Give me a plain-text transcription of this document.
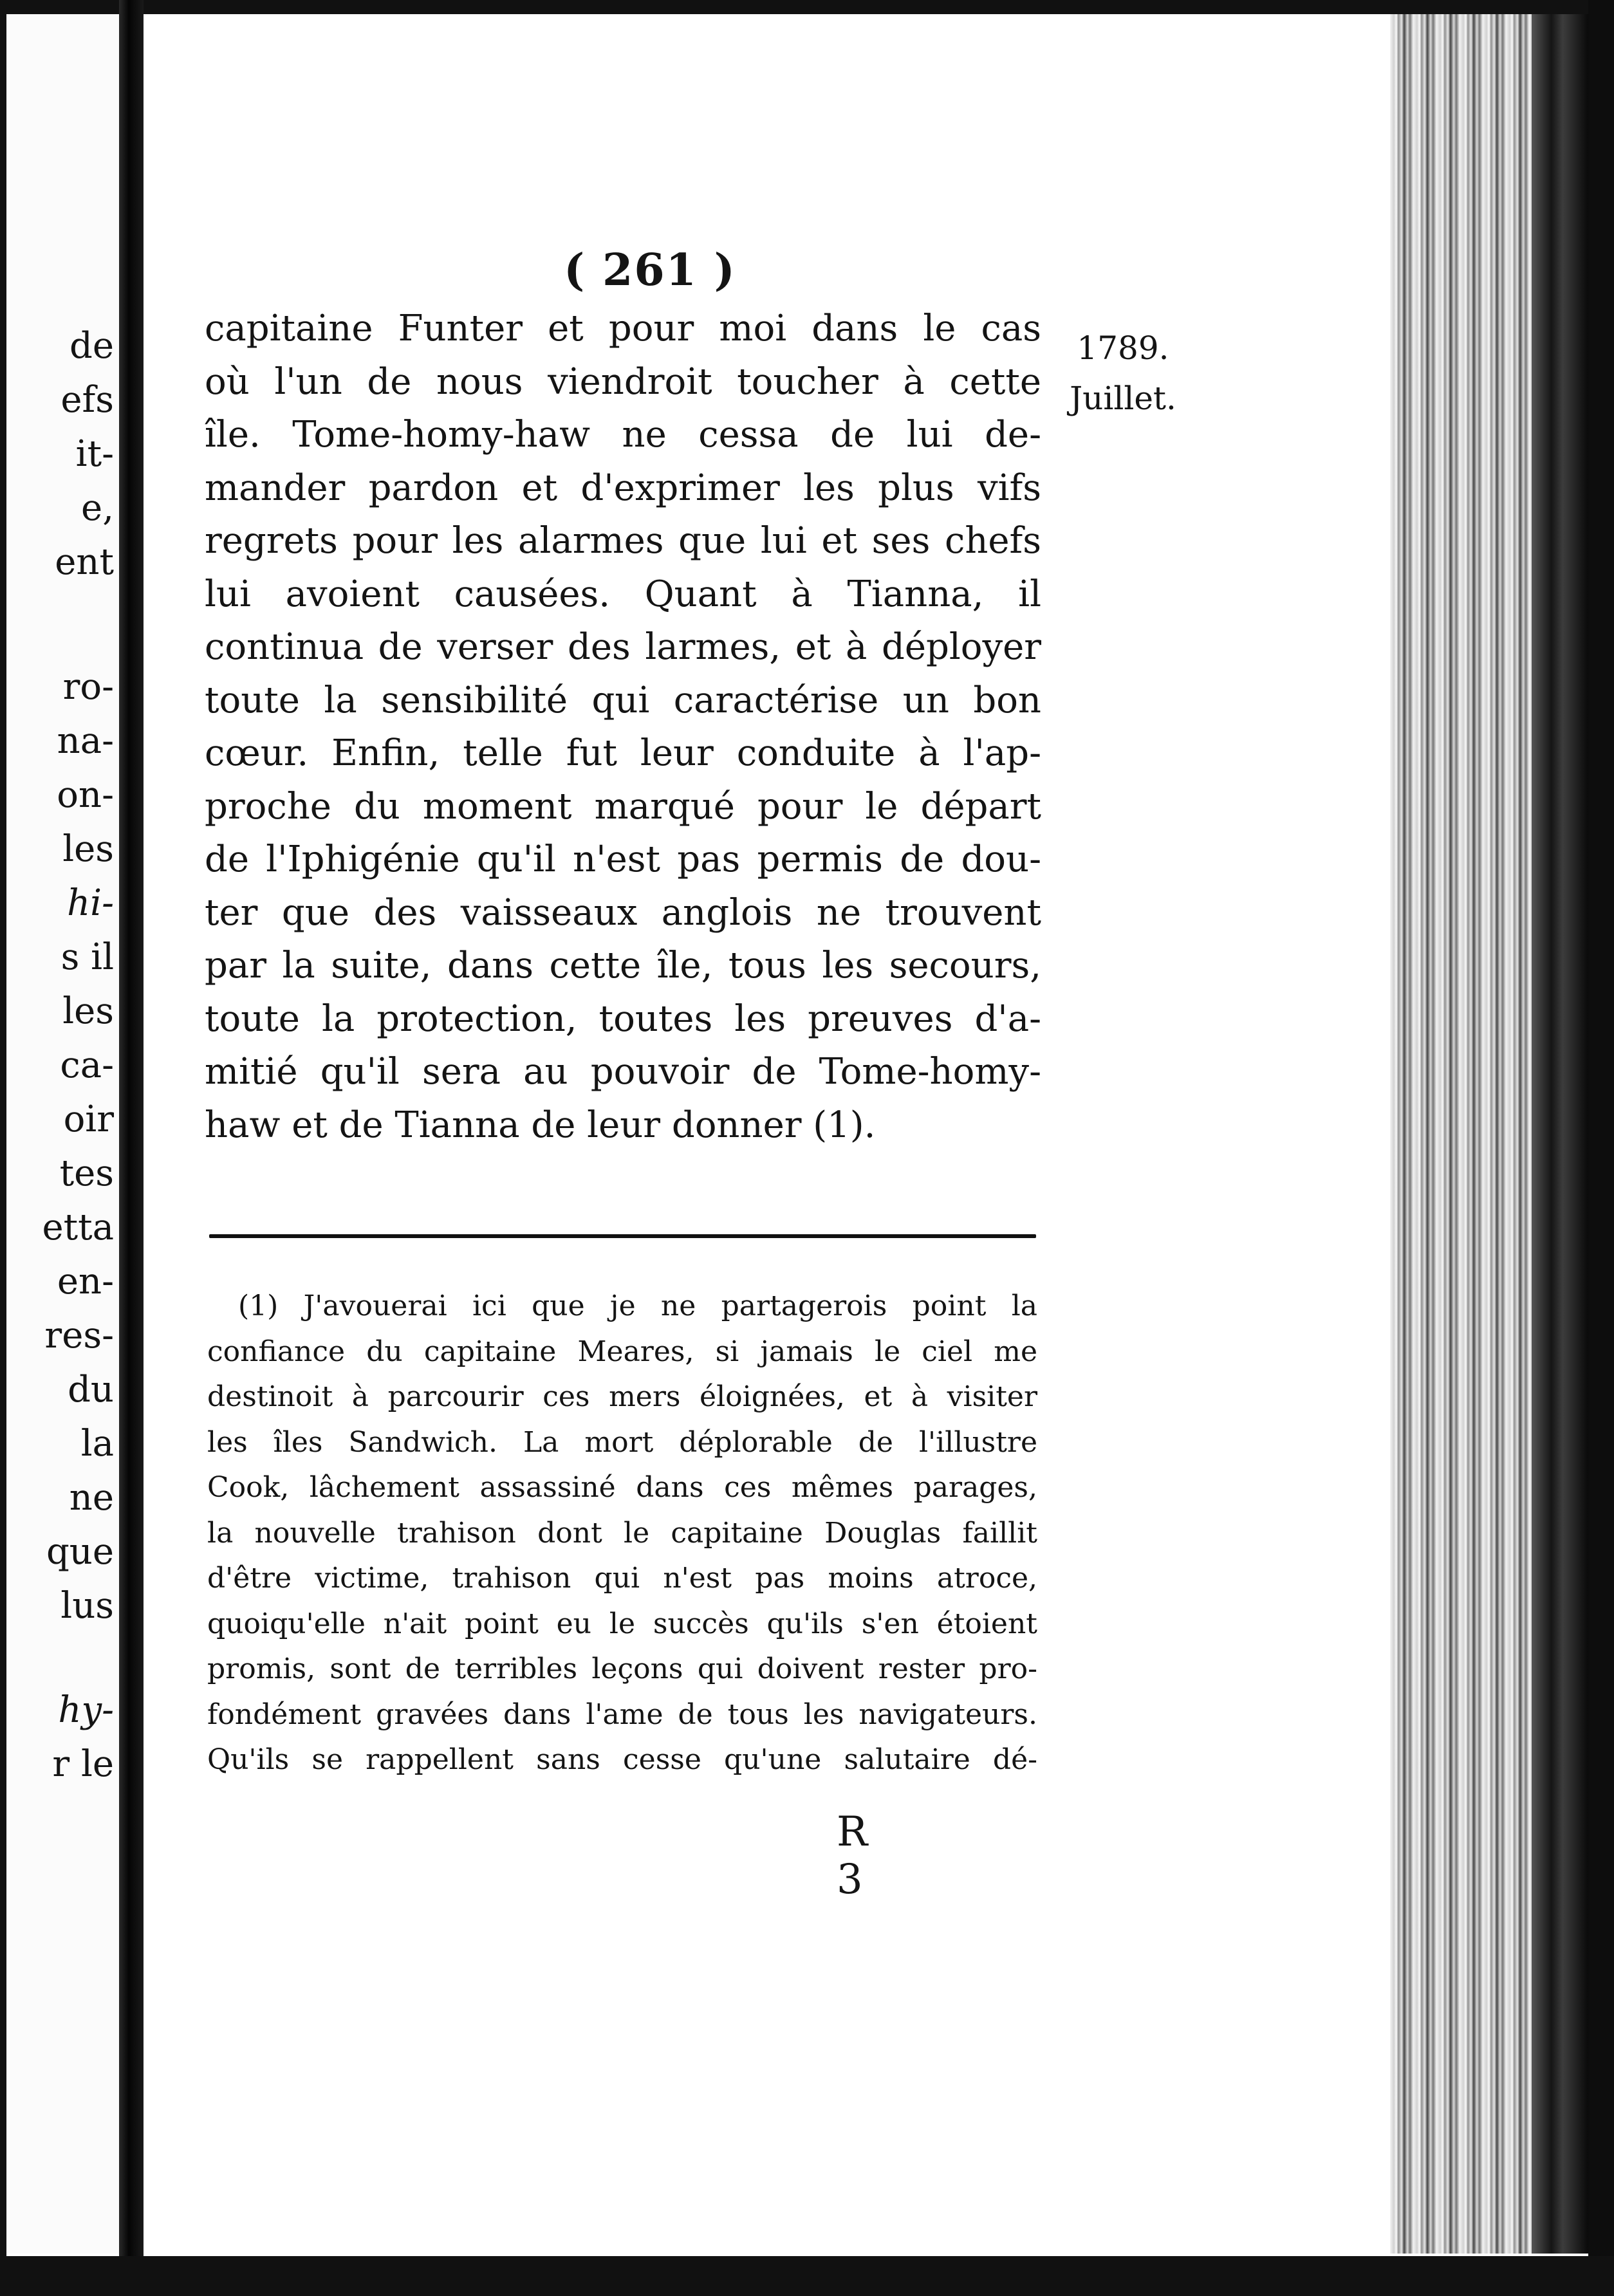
de

efs

it-

e,

ent

ro-

na-

on-

les

hi-

s il

les

ca-

oir

tes

etta

en-

res-

du

la

ne

que

lus

hy-

r le

( 261 )

1789.

Juillet.

capitaine Funter et pour moi dans le cas

où l'un de nous viendroit toucher à cette

île. Tome-homy-haw ne cessa de lui de-

mander pardon et d'exprimer les plus vifs

regrets pour les alarmes que lui et ses chefs

lui avoient causées. Quant à Tianna, il

continua de verser des larmes, et à déployer

toute la sensibilité qui caractérise un bon

cœur. Enfin, telle fut leur conduite à l'ap-

proche du moment marqué pour le départ

de l'Iphigénie qu'il n'est pas permis de dou-

ter que des vaisseaux anglois ne trouvent

par la suite, dans cette île, tous les secours,

toute la protection, toutes les preuves d'a-

mitié qu'il sera au pouvoir de Tome-homy-

haw et de Tianna de leur donner (1).

(1) J'avouerai ici que je ne partagerois point la

confiance du capitaine Meares, si jamais le ciel me

destinoit à parcourir ces mers éloignées, et à visiter

les îles Sandwich. La mort déplorable de l'illustre

Cook, lâchement assassiné dans ces mêmes parages,

la nouvelle trahison dont le capitaine Douglas faillit

d'être victime, trahison qui n'est pas moins atroce,

quoiqu'elle n'ait point eu le succès qu'ils s'en étoient

promis, sont de terribles leçons qui doivent rester pro-

fondément gravées dans l'ame de tous les navigateurs.

Qu'ils se rappellent sans cesse qu'une salutaire dé-

R 3
